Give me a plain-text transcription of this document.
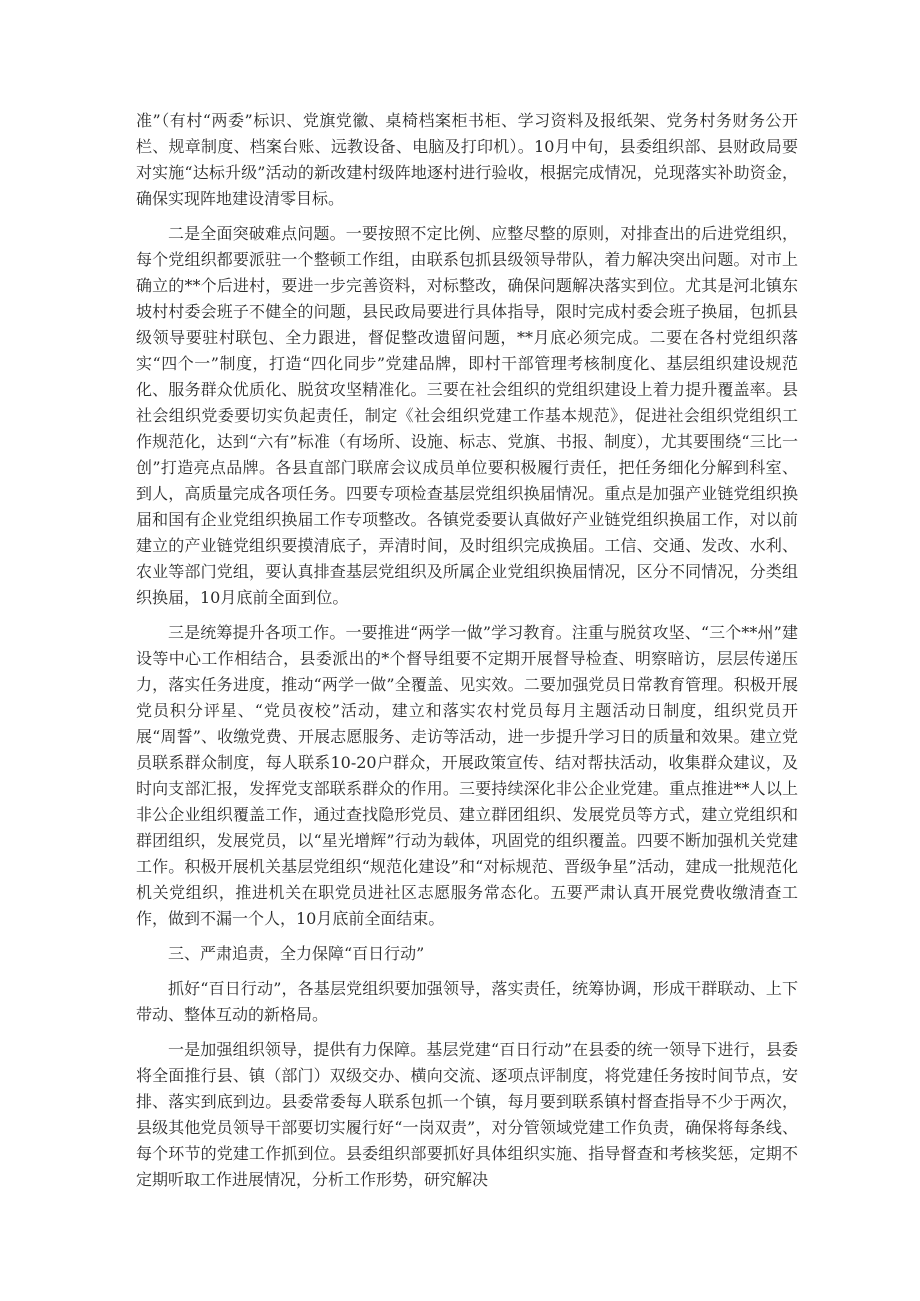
准”（有村“两委”标识、党旗党徽、桌椅档案柜书柜、学习资料及报纸架、党务村务财务公开栏、规章制度、档案台账、远教设备、电脑及打印机）。10月中旬，县委组织部、县财政局要对实施“达标升级”活动的新改建村级阵地逐村进行验收，根据完成情况，兑现落实补助资金，确保实现阵地建设清零目标。

二是全面突破难点问题。一要按照不定比例、应整尽整的原则，对排查出的后进党组织，每个党组织都要派驻一个整顿工作组，由联系包抓县级领导带队，着力解决突出问题。对市上确立的**个后进村，要进一步完善资料，对标整改，确保问题解决落实到位。尤其是河北镇东坡村村委会班子不健全的问题，县民政局要进行具体指导，限时完成村委会班子换届，包抓县级领导要驻村联包、全力跟进，督促整改遗留问题，**月底必须完成。二要在各村党组织落实“四个一”制度，打造“四化同步”党建品牌，即村干部管理考核制度化、基层组织建设规范化、服务群众优质化、脱贫攻坚精准化。三要在社会组织的党组织建设上着力提升覆盖率。县社会组织党委要切实负起责任，制定《社会组织党建工作基本规范》，促进社会组织党组织工作规范化，达到“六有”标准（有场所、设施、标志、党旗、书报、制度），尤其要围绕“三比一创”打造亮点品牌。各县直部门联席会议成员单位要积极履行责任，把任务细化分解到科室、到人，高质量完成各项任务。四要专项检查基层党组织换届情况。重点是加强产业链党组织换届和国有企业党组织换届工作专项整改。各镇党委要认真做好产业链党组织换届工作，对以前建立的产业链党组织要摸清底子，弄清时间，及时组织完成换届。工信、交通、发改、水利、农业等部门党组，要认真排查基层党组织及所属企业党组织换届情况，区分不同情况，分类组织换届，10月底前全面到位。

三是统筹提升各项工作。一要推进“两学一做”学习教育。注重与脱贫攻坚、“三个**州”建设等中心工作相结合，县委派出的*个督导组要不定期开展督导检查、明察暗访，层层传递压力，落实任务进度，推动“两学一做”全覆盖、见实效。二要加强党员日常教育管理。积极开展党员积分评星、“党员夜校”活动，建立和落实农村党员每月主题活动日制度，组织党员开展“周誓”、收缴党费、开展志愿服务、走访等活动，进一步提升学习日的质量和效果。建立党员联系群众制度，每人联系10-20户群众，开展政策宣传、结对帮扶活动，收集群众建议，及时向支部汇报，发挥党支部联系群众的作用。三要持续深化非公企业党建。重点推进**人以上非公企业组织覆盖工作，通过查找隐形党员、建立群团组织、发展党员等方式，建立党组织和群团组织，发展党员，以“星光增辉”行动为载体，巩固党的组织覆盖。四要不断加强机关党建工作。积极开展机关基层党组织“规范化建设”和“对标规范、晋级争星”活动，建成一批规范化机关党组织，推进机关在职党员进社区志愿服务常态化。五要严肃认真开展党费收缴清查工作，做到不漏一个人，10月底前全面结束。

三、严肃追责，全力保障“百日行动”

抓好“百日行动”，各基层党组织要加强领导，落实责任，统筹协调，形成干群联动、上下带动、整体互动的新格局。

一是加强组织领导，提供有力保障。基层党建“百日行动”在县委的统一领导下进行，县委将全面推行县、镇（部门）双级交办、横向交流、逐项点评制度，将党建任务按时间节点，安排、落实到底到边。县委常委每人联系包抓一个镇，每月要到联系镇村督查指导不少于两次，县级其他党员领导干部要切实履行好“一岗双责”，对分管领域党建工作负责，确保将每条线、每个环节的党建工作抓到位。县委组织部要抓好具体组织实施、指导督查和考核奖惩，定期不定期听取工作进展情况，分析工作形势，研究解决
